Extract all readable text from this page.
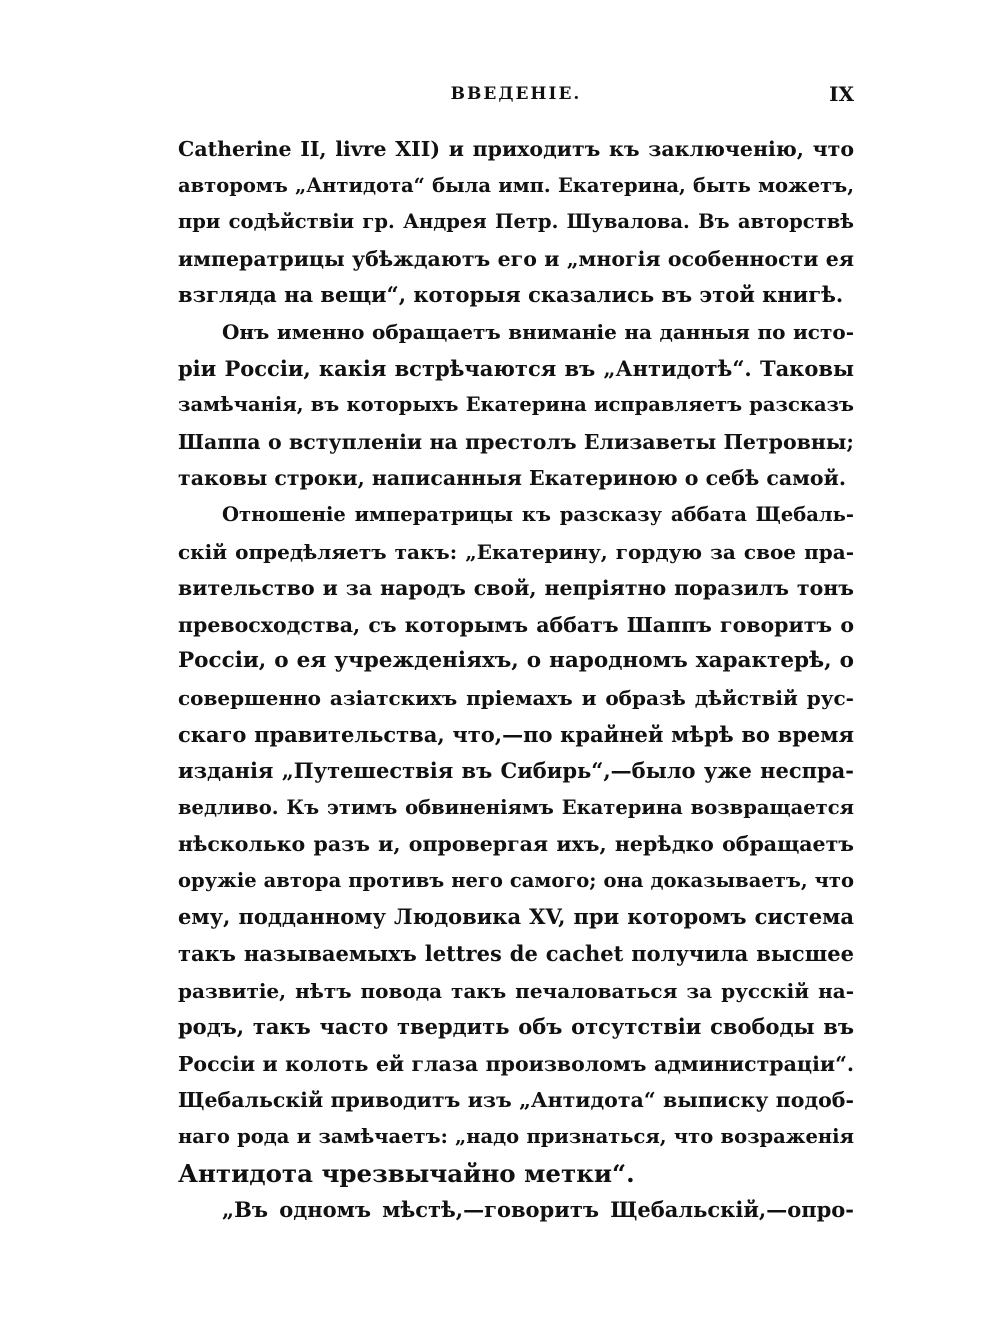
ВВЕДЕНІЕ.	IX
Catherine II, livre XII) и приходитъ къ заключенію, что
авторомъ „Антидота“ была имп. Екатерина, быть можетъ,
при содѣйствіи гр. Андрея Петр. Шувалова. Въ авторствѣ
императрицы убѣждаютъ его и „многія особенности ея
взгляда на вещи“, которыя сказались въ этой книгѣ.
Онъ именно обращаетъ вниманіе на данныя по исто-
ріи Россіи, какія встрѣчаются въ „Антидотѣ“. Таковы
замѣчанія, въ которыхъ Екатерина исправляетъ разсказъ
Шаппа о вступленіи на престолъ Елизаветы Петровны;
таковы строки, написанныя Екатериною о себѣ самой.
Отношеніе императрицы къ разсказу аббата Щебаль-
скій опредѣляетъ такъ: „Екатерину, гордую за свое пра-
вительство и за народъ свой, непріятно поразилъ тонъ
превосходства, съ которымъ аббатъ Шаппъ говоритъ о
Россіи, о ея учрежденіяхъ, о народномъ характерѣ, о
совершенно азіатскихъ пріемахъ и образѣ дѣйствій рус-
скаго правительства, что,—по крайней мѣрѣ во время
изданія „Путешествія въ Сибирь“,—было уже неспра-
ведливо. Къ этимъ обвиненіямъ Екатерина возвращается
нѣсколько разъ и, опровергая ихъ, нерѣдко обращаетъ
оружіе автора противъ него самого; она доказываетъ, что
ему, подданному Людовика XV, при которомъ система
такъ называемыхъ lettres de cachet получила высшее
развитіе, нѣтъ повода такъ печаловаться за русскій на-
родъ, такъ часто твердить объ отсутствіи свободы въ
Россіи и колоть ей глаза произволомъ администраціи“.
Щебальскій приводитъ изъ „Антидота“ выписку подоб-
наго рода и замѣчаетъ: „надо признаться, что возраженія
Антидота чрезвычайно метки“.
„Въ одномъ мѣстѣ,—говоритъ Щебальскій,—опро-
